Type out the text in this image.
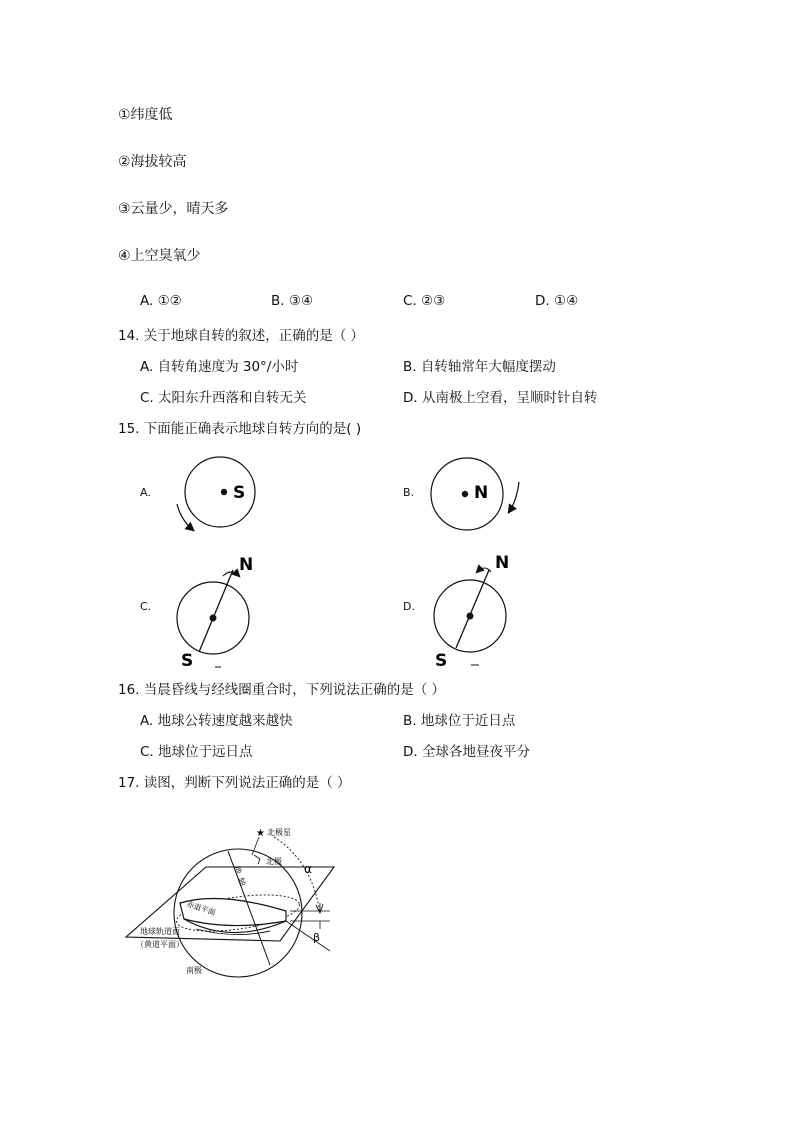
①纬度低
②海拔较高
③云量少，晴天多
④上空臭氧少
A. ①②	B. ③④	C. ②③	D. ①④
14. 关于地球自转的叙述，正确的是（ ）
A. 自转角速度为 30°/小时	B. 自转轴常年大幅度摆动
C. 太阳东升西落和自转无关	D. 从南极上空看，呈顺时针自转
15. 下面能正确表示地球自转方向的是( )
A.	B.
C.	D.
S	N
N
S
N
S
16. 当晨昏线与经线圈重合时，下列说法正确的是（ ）
A. 地球公转速度越来越快	B. 地球位于近日点
C. 地球位于远日点	D. 全球各地昼夜平分
17. 读图，判断下列说法正确的是（ ）
★ 北极星
北极
α
β
地
轴
赤道平面
地球轨道面
（黄道平面）
南极
